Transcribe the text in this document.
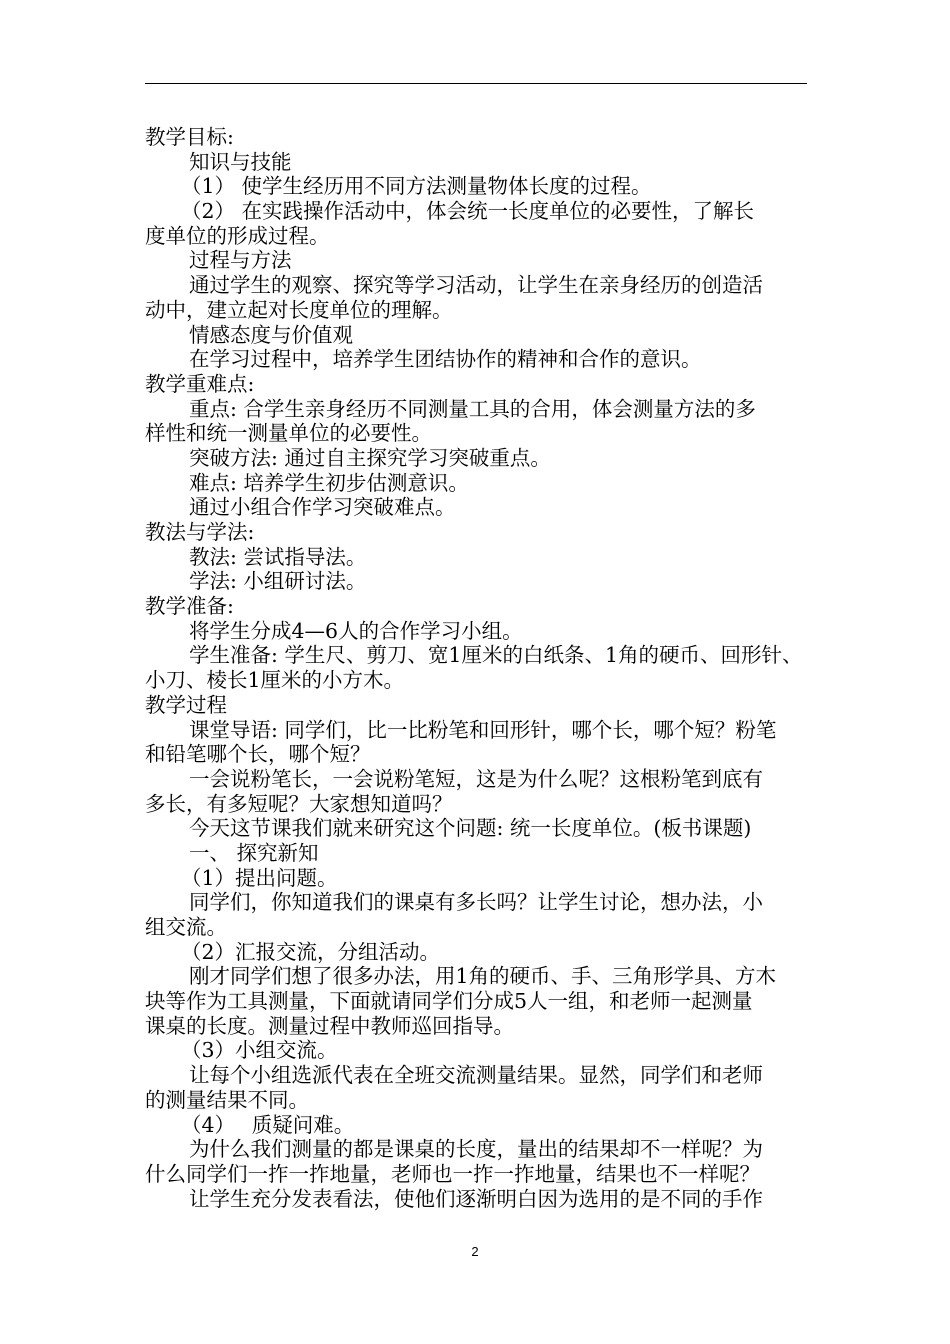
教学目标:
知识与技能
（1） 使学生经历用不同方法测量物体长度的过程。
（2） 在实践操作活动中，体会统一长度单位的必要性，了解长
度单位的形成过程。
过程与方法
通过学生的观察、探究等学习活动，让学生在亲身经历的创造活
动中，建立起对长度单位的理解。
情感态度与价值观
在学习过程中，培养学生团结协作的精神和合作的意识。
教学重难点:
重点: 合学生亲身经历不同测量工具的合用，体会测量方法的多
样性和统一测量单位的必要性。
突破方法: 通过自主探究学习突破重点。
难点: 培养学生初步估测意识。
通过小组合作学习突破难点。
教法与学法:
教法: 尝试指导法。
学法: 小组研讨法。
教学准备:
将学生分成4—6人的合作学习小组。
学生准备: 学生尺、剪刀、宽1厘米的白纸条、1角的硬币、回形针、
小刀、棱长1厘米的小方木。
教学过程
课堂导语: 同学们，比一比粉笔和回形针，哪个长，哪个短？粉笔
和铅笔哪个长，哪个短？
一会说粉笔长，一会说粉笔短，这是为什么呢？这根粉笔到底有
多长，有多短呢？大家想知道吗？
今天这节课我们就来研究这个问题: 统一长度单位。(板书课题)
一、 探究新知
（1）提出问题。
同学们，你知道我们的课桌有多长吗？让学生讨论，想办法，小
组交流。
（2）汇报交流，分组活动。
刚才同学们想了很多办法，用1角的硬币、手、三角形学具、方木
块等作为工具测量，下面就请同学们分成5人一组，和老师一起测量
课桌的长度。测量过程中教师巡回指导。
（3）小组交流。
让每个小组选派代表在全班交流测量结果。显然，同学们和老师
的测量结果不同。
（4）　 质疑问难。
为什么我们测量的都是课桌的长度，量出的结果却不一样呢？为
什么同学们一拃一拃地量，老师也一拃一拃地量，结果也不一样呢？
让学生充分发表看法，使他们逐渐明白因为选用的是不同的手作
2
